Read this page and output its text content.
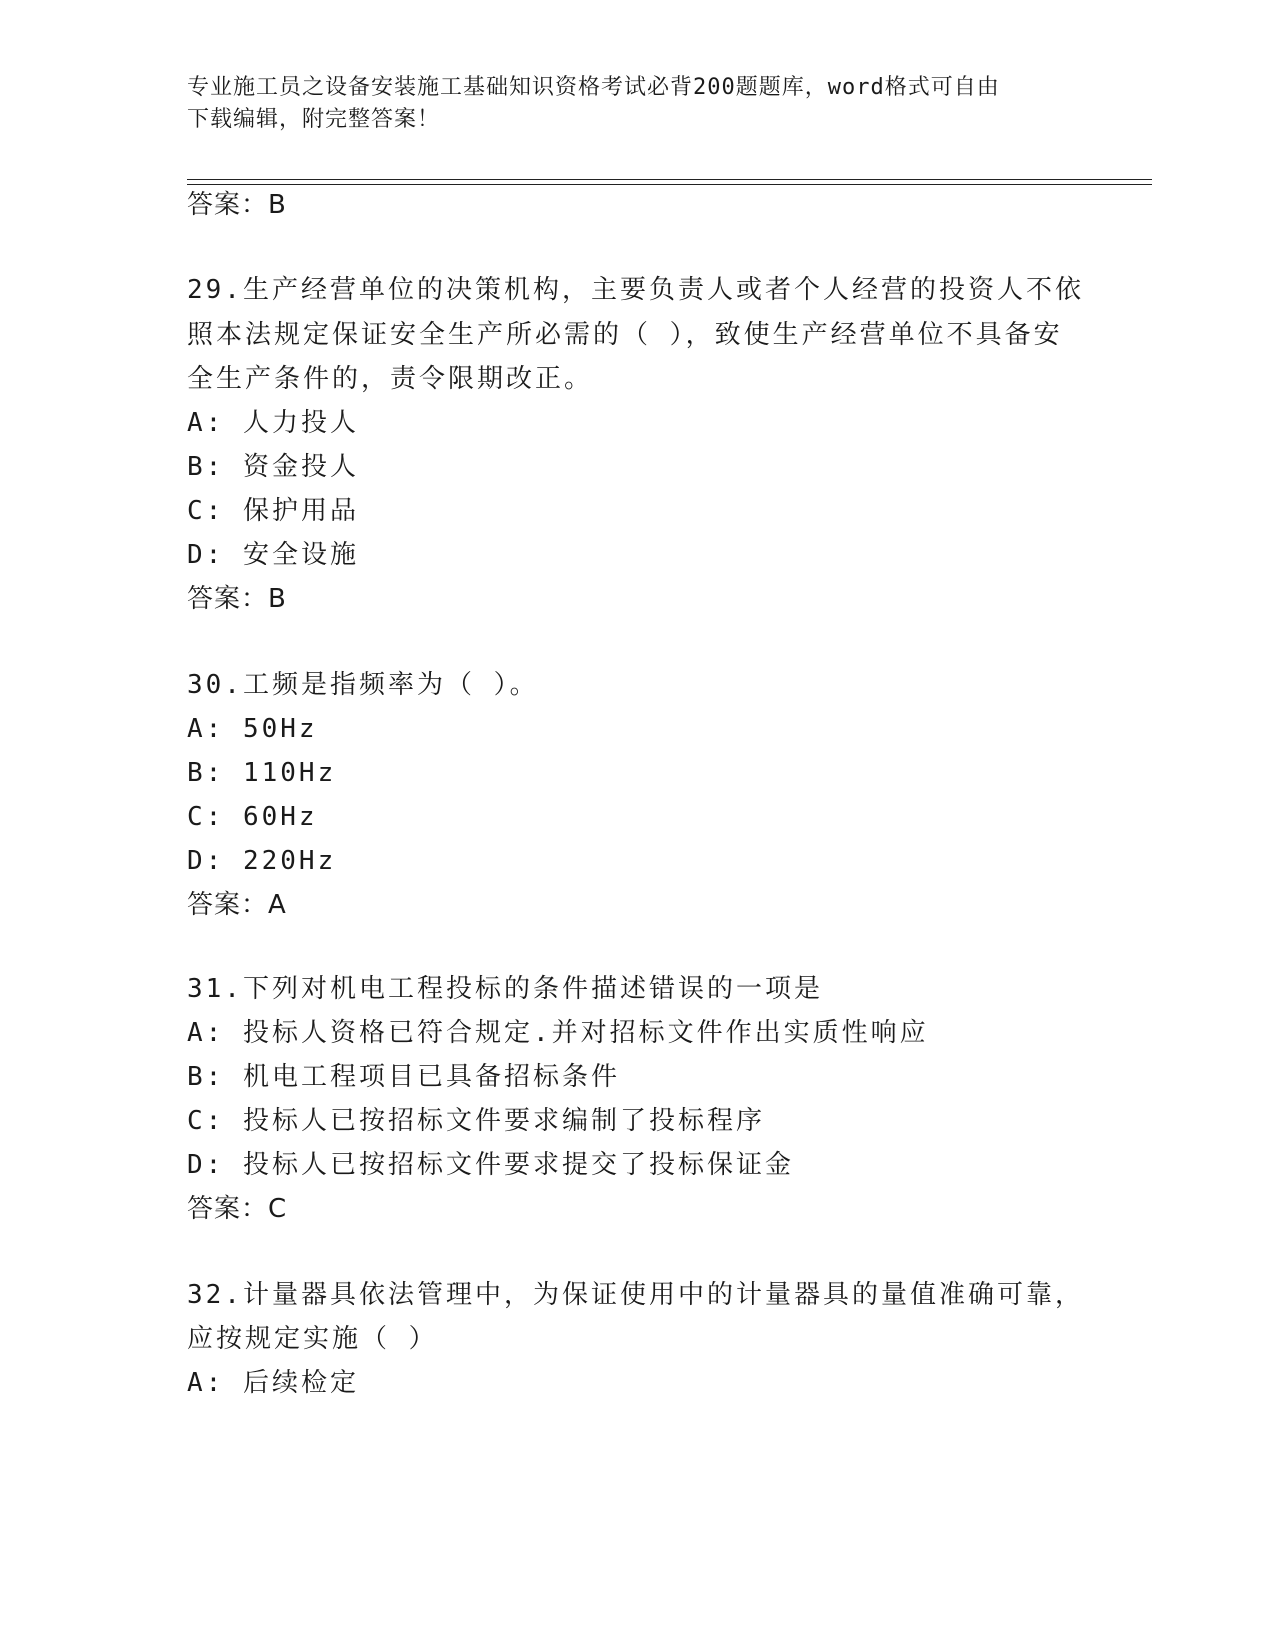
专业施工员之设备安装施工基础知识资格考试必背200题题库，word格式可自由
下载编辑，附完整答案！
答案：B
29.生产经营单位的决策机构，主要负责人或者个人经营的投资人不依
照本法规定保证安全生产所必需的（ ），致使生产经营单位不具备安
全生产条件的，责令限期改正。
A: 人力投人
B: 资金投人
C: 保护用品
D: 安全设施
答案：B
30.工频是指频率为（ ）。
A: 50Hz
B: 110Hz
C: 60Hz
D: 220Hz
答案：A
31.下列对机电工程投标的条件描述错误的一项是
A: 投标人资格已符合规定.并对招标文件作出实质性响应
B: 机电工程项目已具备招标条件
C: 投标人已按招标文件要求编制了投标程序
D: 投标人已按招标文件要求提交了投标保证金
答案：C
32.计量器具依法管理中，为保证使用中的计量器具的量值准确可靠，
应按规定实施（ ）
A: 后续检定
